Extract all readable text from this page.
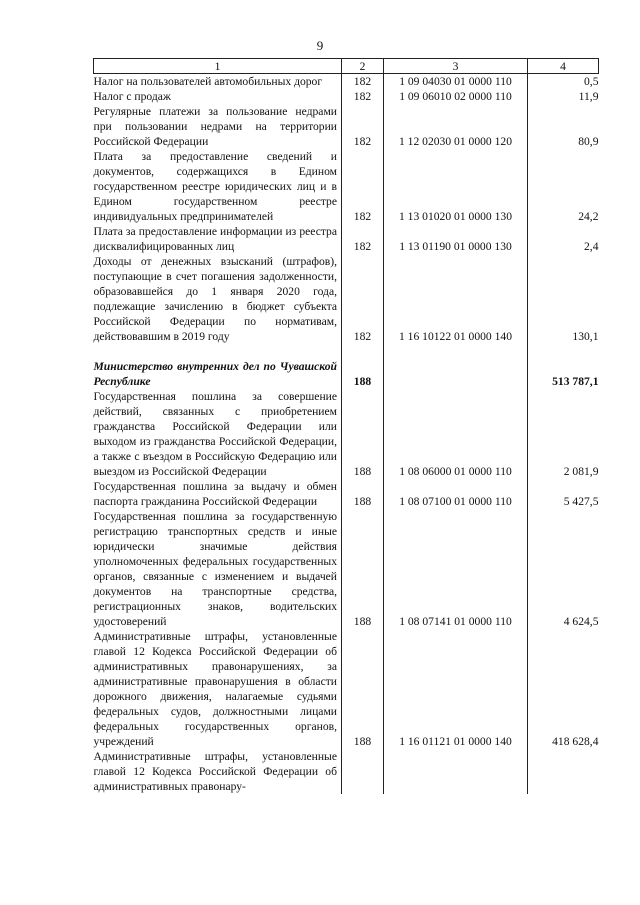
9
1	2	3	4
Налог на пользователей автомобильных дорог	182	1 09 04030 01 0000 110	0,5
Налог с продаж	182	1 09 06010 02 0000 110	11,9
Регулярные платежи за пользование недрами при пользовании недрами на территории Российской Федерации	182	1 12 02030 01 0000 120	80,9
Плата за предоставление сведений и документов, содержащихся в Едином государственном реестре юридических лиц и в Едином государственном реестре индивидуальных предпринимателей	182	1 13 01020 01 0000 130	24,2
Плата за предоставление информации из реестра дисквалифицированных лиц	182	1 13 01190 01 0000 130	2,4
Доходы от денежных взысканий (штрафов), поступающие в счет погашения задолженности, образовавшейся до 1 января 2020 года, подлежащие зачислению в бюджет субъекта Российской Федерации по нормативам, действовавшим в 2019 году	182	1 16 10122 01 0000 140	130,1

Министерство внутренних дел по Чувашской Республике	188		513 787,1
Государственная пошлина за совершение действий, связанных с приобретением гражданства Российской Федерации или выходом из гражданства Российской Федерации, а также с въездом в Российскую Федерацию или выездом из Российской Федерации	188	1 08 06000 01 0000 110	2 081,9
Государственная пошлина за выдачу и обмен паспорта гражданина Российской Федерации	188	1 08 07100 01 0000 110	5 427,5
Государственная пошлина за государственную регистрацию транспортных средств и иные юридически значимые действия уполномоченных федеральных государственных органов, связанные с изменением и выдачей документов на транспортные средства, регистрационных знаков, водительских удостоверений	188	1 08 07141 01 0000 110	4 624,5
Административные штрафы, установленные главой 12 Кодекса Российской Федерации об административных правонарушениях, за административные правонарушения в области дорожного движения, налагаемые судьями федеральных судов, должностными лицами федеральных государственных органов, учреждений	188	1 16 01121 01 0000 140	418 628,4
Административные штрафы, установленные главой 12 Кодекса Российской Федерации об административных правонару-			
